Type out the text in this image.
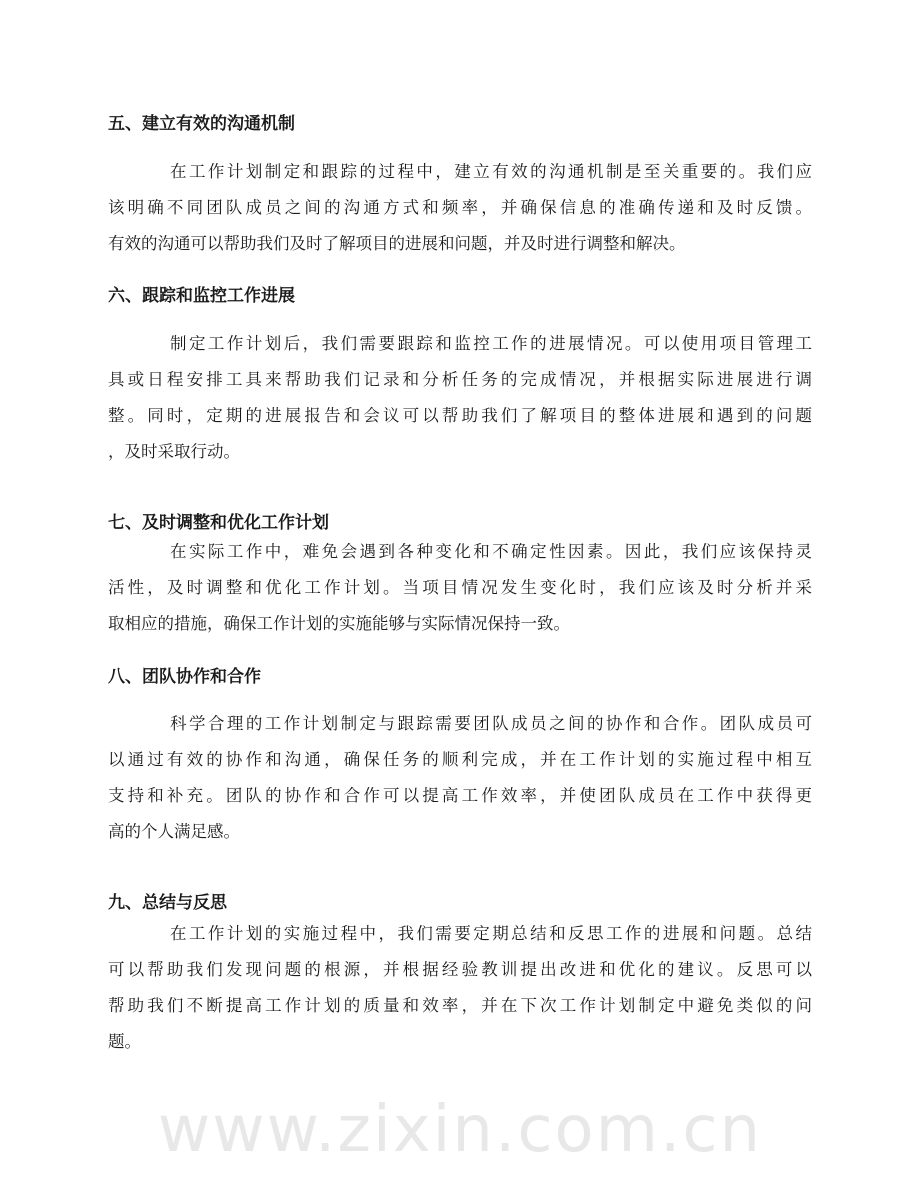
www.zixin.com.cn
五、建立有效的沟通机制
在工作计划制定和跟踪的过程中，建立有效的沟通机制是至关重要的。我们应
该明确不同团队成员之间的沟通方式和频率，并确保信息的准确传递和及时反馈。
有效的沟通可以帮助我们及时了解项目的进展和问题，并及时进行调整和解决。
六、跟踪和监控工作进展
制定工作计划后，我们需要跟踪和监控工作的进展情况。可以使用项目管理工
具或日程安排工具来帮助我们记录和分析任务的完成情况，并根据实际进展进行调
整。同时，定期的进展报告和会议可以帮助我们了解项目的整体进展和遇到的问题
，及时采取行动。
七、及时调整和优化工作计划
在实际工作中，难免会遇到各种变化和不确定性因素。因此，我们应该保持灵
活性，及时调整和优化工作计划。当项目情况发生变化时，我们应该及时分析并采
取相应的措施，确保工作计划的实施能够与实际情况保持一致。
八、团队协作和合作
科学合理的工作计划制定与跟踪需要团队成员之间的协作和合作。团队成员可
以通过有效的协作和沟通，确保任务的顺利完成，并在工作计划的实施过程中相互
支持和补充。团队的协作和合作可以提高工作效率，并使团队成员在工作中获得更
高的个人满足感。
九、总结与反思
在工作计划的实施过程中，我们需要定期总结和反思工作的进展和问题。总结
可以帮助我们发现问题的根源，并根据经验教训提出改进和优化的建议。反思可以
帮助我们不断提高工作计划的质量和效率，并在下次工作计划制定中避免类似的问
题。
